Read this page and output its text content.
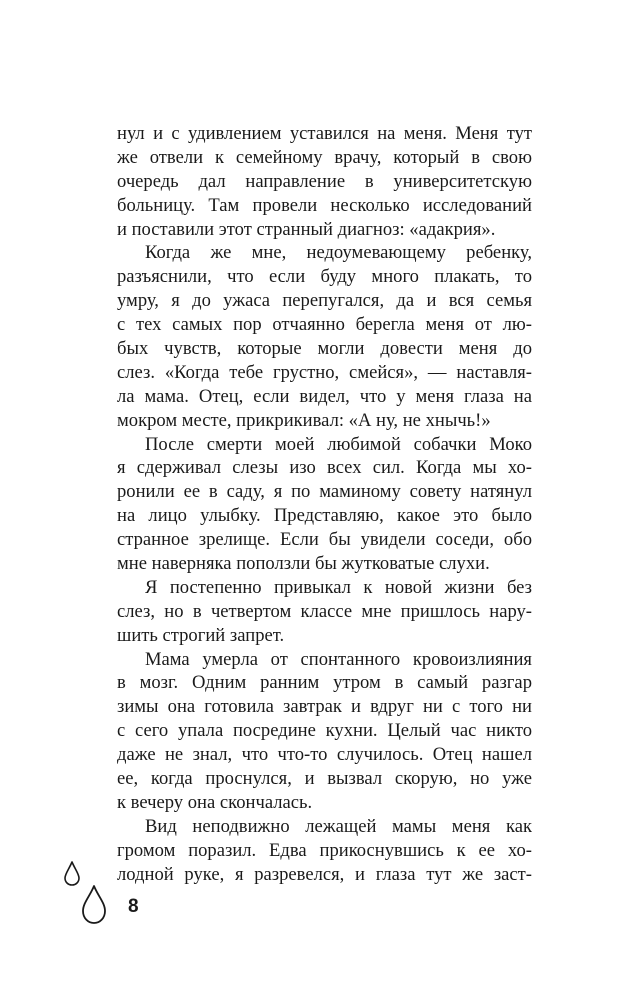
нул и с удивлением уставился на меня. Меня тут
же отвели к семейному врачу, который в свою
очередь дал направление в университетскую
больницу. Там провели несколько исследований
и поставили этот странный диагноз: «адакрия».
Когда же мне, недоумевающему ребенку,
разъяснили, что если буду много плакать, то
умру, я до ужаса перепугался, да и вся семья
с тех самых пор отчаянно берегла меня от лю-
бых чувств, которые могли довести меня до
слез. «Когда тебе грустно, смейся», — наставля-
ла мама. Отец, если видел, что у меня глаза на
мокром месте, прикрикивал: «А ну, не хнычь!»
После смерти моей любимой собачки Моко
я сдерживал слезы изо всех сил. Когда мы хо-
ронили ее в саду, я по маминому совету натянул
на лицо улыбку. Представляю, какое это было
странное зрелище. Если бы увидели соседи, обо
мне наверняка поползли бы жутковатые слухи.
Я постепенно привыкал к новой жизни без
слез, но в четвертом классе мне пришлось нару-
шить строгий запрет.
Мама умерла от спонтанного кровоизлияния
в мозг. Одним ранним утром в самый разгар
зимы она готовила завтрак и вдруг ни с того ни
с сего упала посредине кухни. Целый час никто
даже не знал, что что-то случилось. Отец нашел
ее, когда проснулся, и вызвал скорую, но уже
к вечеру она скончалась.
Вид неподвижно лежащей мамы меня как
громом поразил. Едва прикоснувшись к ее хо-
лодной руке, я разревелся, и глаза тут же заст-
8
